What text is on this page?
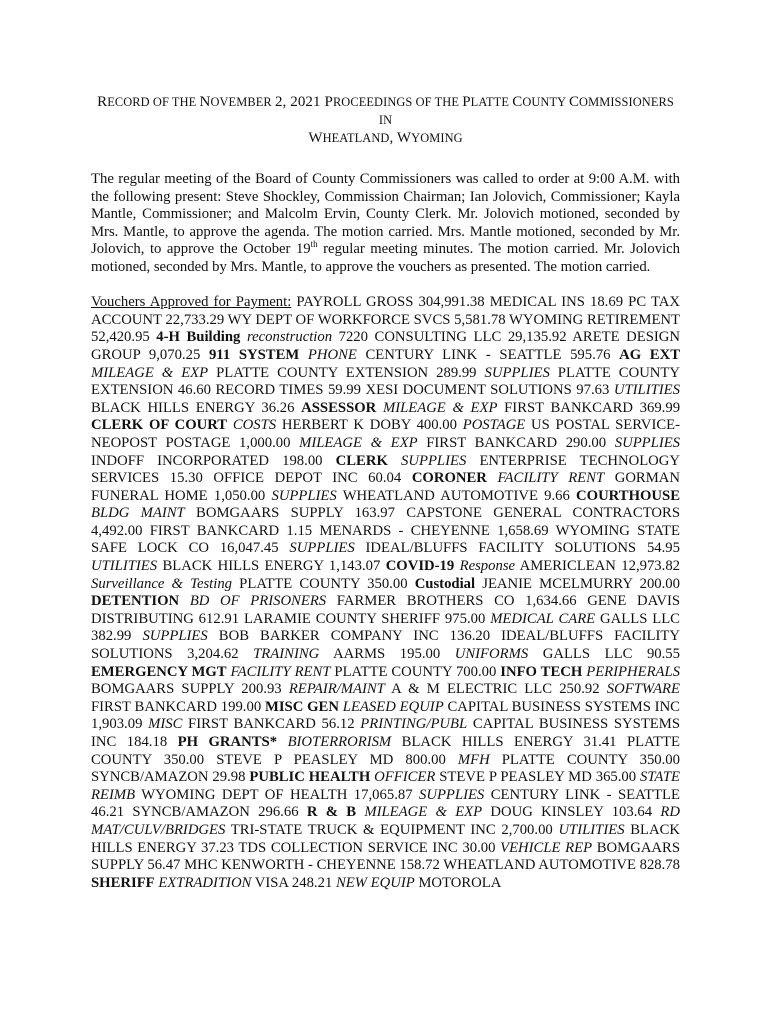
RECORD OF THE NOVEMBER 2, 2021 PROCEEDINGS OF THE PLATTE COUNTY COMMISSIONERS IN
WHEATLAND, WYOMING

The regular meeting of the Board of County Commissioners was called to order at 9:00 A.M. with the following present: Steve Shockley, Commission Chairman; Ian Jolovich, Commissioner; Kayla Mantle, Commissioner; and Malcolm Ervin, County Clerk. Mr. Jolovich motioned, seconded by Mrs. Mantle, to approve the agenda. The motion carried. Mrs. Mantle motioned, seconded by Mr. Jolovich, to approve the October 19th regular meeting minutes. The motion carried. Mr. Jolovich motioned, seconded by Mrs. Mantle, to approve the vouchers as presented. The motion carried.

Vouchers Approved for Payment: PAYROLL GROSS 304,991.38 MEDICAL INS 18.69 PC TAX ACCOUNT 22,733.29 WY DEPT OF WORKFORCE SVCS 5,581.78 WYOMING RETIREMENT 52,420.95 4-H Building reconstruction 7220 CONSULTING LLC 29,135.92 ARETE DESIGN GROUP 9,070.25 911 SYSTEM PHONE CENTURY LINK - SEATTLE 595.76 AG EXT MILEAGE & EXP PLATTE COUNTY EXTENSION 289.99 SUPPLIES PLATTE COUNTY EXTENSION 46.60 RECORD TIMES 59.99 XESI DOCUMENT SOLUTIONS 97.63 UTILITIES BLACK HILLS ENERGY 36.26 ASSESSOR MILEAGE & EXP FIRST BANKCARD 369.99 CLERK OF COURT COSTS HERBERT K DOBY 400.00 POSTAGE US POSTAL SERVICE-NEOPOST POSTAGE 1,000.00 MILEAGE & EXP FIRST BANKCARD 290.00 SUPPLIES INDOFF INCORPORATED 198.00 CLERK SUPPLIES ENTERPRISE TECHNOLOGY SERVICES 15.30 OFFICE DEPOT INC 60.04 CORONER FACILITY RENT GORMAN FUNERAL HOME 1,050.00 SUPPLIES WHEATLAND AUTOMOTIVE 9.66 COURTHOUSE BLDG MAINT BOMGAARS SUPPLY 163.97 CAPSTONE GENERAL CONTRACTORS 4,492.00 FIRST BANKCARD 1.15 MENARDS - CHEYENNE 1,658.69 WYOMING STATE SAFE LOCK CO 16,047.45 SUPPLIES IDEAL/BLUFFS FACILITY SOLUTIONS 54.95 UTILITIES BLACK HILLS ENERGY 1,143.07 COVID-19 Response AMERICLEAN 12,973.82 Surveillance & Testing PLATTE COUNTY 350.00 Custodial JEANIE MCELMURRY 200.00 DETENTION BD OF PRISONERS FARMER BROTHERS CO 1,634.66 GENE DAVIS DISTRIBUTING 612.91 LARAMIE COUNTY SHERIFF 975.00 MEDICAL CARE GALLS LLC 382.99 SUPPLIES BOB BARKER COMPANY INC 136.20 IDEAL/BLUFFS FACILITY SOLUTIONS 3,204.62 TRAINING AARMS 195.00 UNIFORMS GALLS LLC 90.55 EMERGENCY MGT FACILITY RENT PLATTE COUNTY 700.00 INFO TECH PERIPHERALS BOMGAARS SUPPLY 200.93 REPAIR/MAINT A & M ELECTRIC LLC 250.92 SOFTWARE FIRST BANKCARD 199.00 MISC GEN LEASED EQUIP CAPITAL BUSINESS SYSTEMS INC 1,903.09 MISC FIRST BANKCARD 56.12 PRINTING/PUBL CAPITAL BUSINESS SYSTEMS INC 184.18 PH GRANTS* BIOTERRORISM BLACK HILLS ENERGY 31.41 PLATTE COUNTY 350.00 STEVE P PEASLEY MD 800.00 MFH PLATTE COUNTY 350.00 SYNCB/AMAZON 29.98 PUBLIC HEALTH OFFICER STEVE P PEASLEY MD 365.00 STATE REIMB WYOMING DEPT OF HEALTH 17,065.87 SUPPLIES CENTURY LINK - SEATTLE 46.21 SYNCB/AMAZON 296.66 R & B MILEAGE & EXP DOUG KINSLEY 103.64 RD MAT/CULV/BRIDGES TRI-STATE TRUCK & EQUIPMENT INC 2,700.00 UTILITIES BLACK HILLS ENERGY 37.23 TDS COLLECTION SERVICE INC 30.00 VEHICLE REP BOMGAARS SUPPLY 56.47 MHC KENWORTH - CHEYENNE 158.72 WHEATLAND AUTOMOTIVE 828.78 SHERIFF EXTRADITION VISA 248.21 NEW EQUIP MOTOROLA
